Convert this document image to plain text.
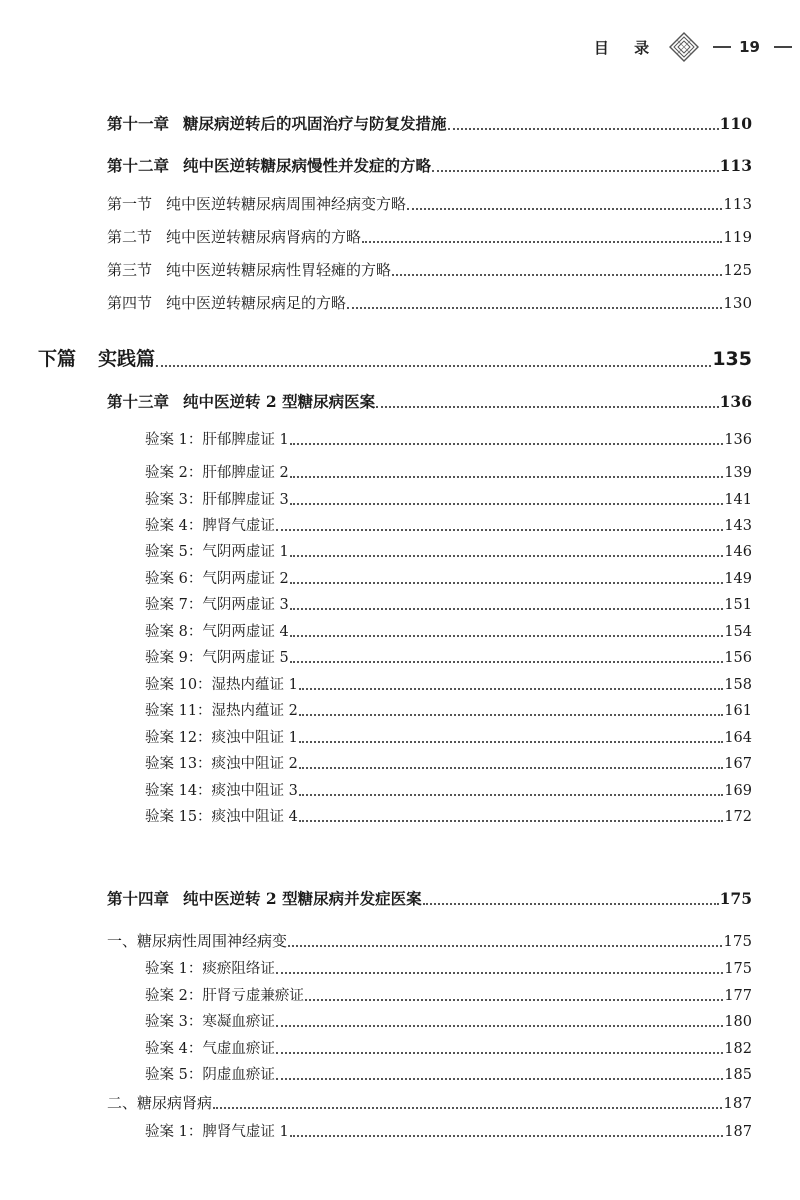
目 录	19
第十一章 糖尿病逆转后的巩固治疗与防复发措施	110
第十二章 纯中医逆转糖尿病慢性并发症的方略	113
第一节 纯中医逆转糖尿病周围神经病变方略	113
第二节 纯中医逆转糖尿病肾病的方略	119
第三节 纯中医逆转糖尿病性胃轻瘫的方略	125
第四节 纯中医逆转糖尿病足的方略	130
下篇 实践篇	135
第十三章 纯中医逆转 2 型糖尿病医案	136
验案 1：肝郁脾虚证 1	136
验案 2：肝郁脾虚证 2	139
验案 3：肝郁脾虚证 3	141
验案 4：脾肾气虚证	143
验案 5：气阴两虚证 1	146
验案 6：气阴两虚证 2	149
验案 7：气阴两虚证 3	151
验案 8：气阴两虚证 4	154
验案 9：气阴两虚证 5	156
验案 10：湿热内蕴证 1	158
验案 11：湿热内蕴证 2	161
验案 12：痰浊中阻证 1	164
验案 13：痰浊中阻证 2	167
验案 14：痰浊中阻证 3	169
验案 15：痰浊中阻证 4	172
第十四章 纯中医逆转 2 型糖尿病并发症医案	175
一、糖尿病性周围神经病变	175
验案 1：痰瘀阻络证	175
验案 2：肝肾亏虚兼瘀证	177
验案 3：寒凝血瘀证	180
验案 4：气虚血瘀证	182
验案 5：阴虚血瘀证	185
二、糖尿病肾病	187
验案 1：脾肾气虚证 1	187
